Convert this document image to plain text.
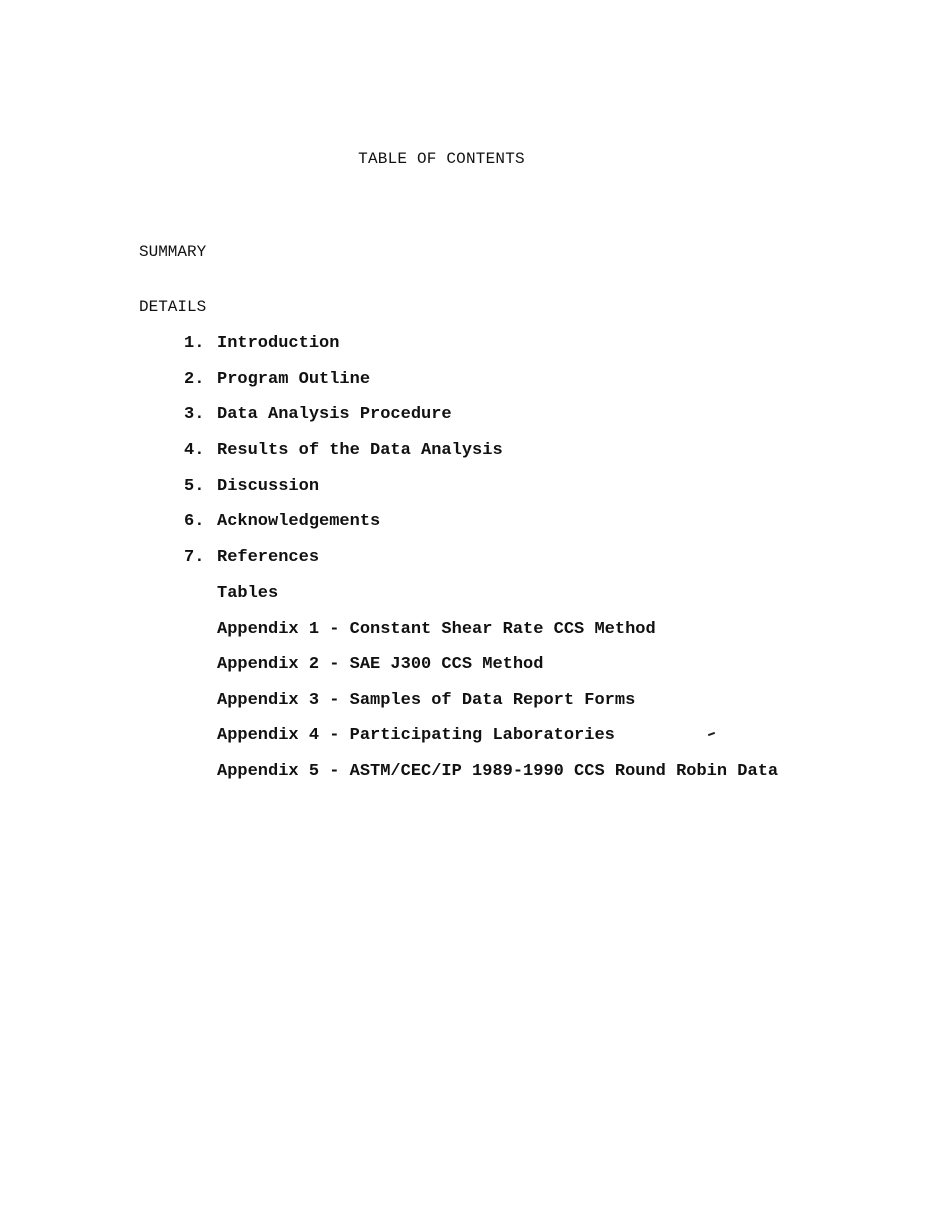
TABLE OF CONTENTS
SUMMARY
DETAILS
1. Introduction
2. Program Outline
3. Data Analysis Procedure
4. Results of the Data Analysis
5. Discussion
6. Acknowledgements
7. References
Tables
Appendix 1 - Constant Shear Rate CCS Method
Appendix 2 - SAE J300 CCS Method
Appendix 3 - Samples of Data Report Forms
Appendix 4 - Participating Laboratories
Appendix 5 - ASTM/CEC/IP 1989-1990 CCS Round Robin Data
